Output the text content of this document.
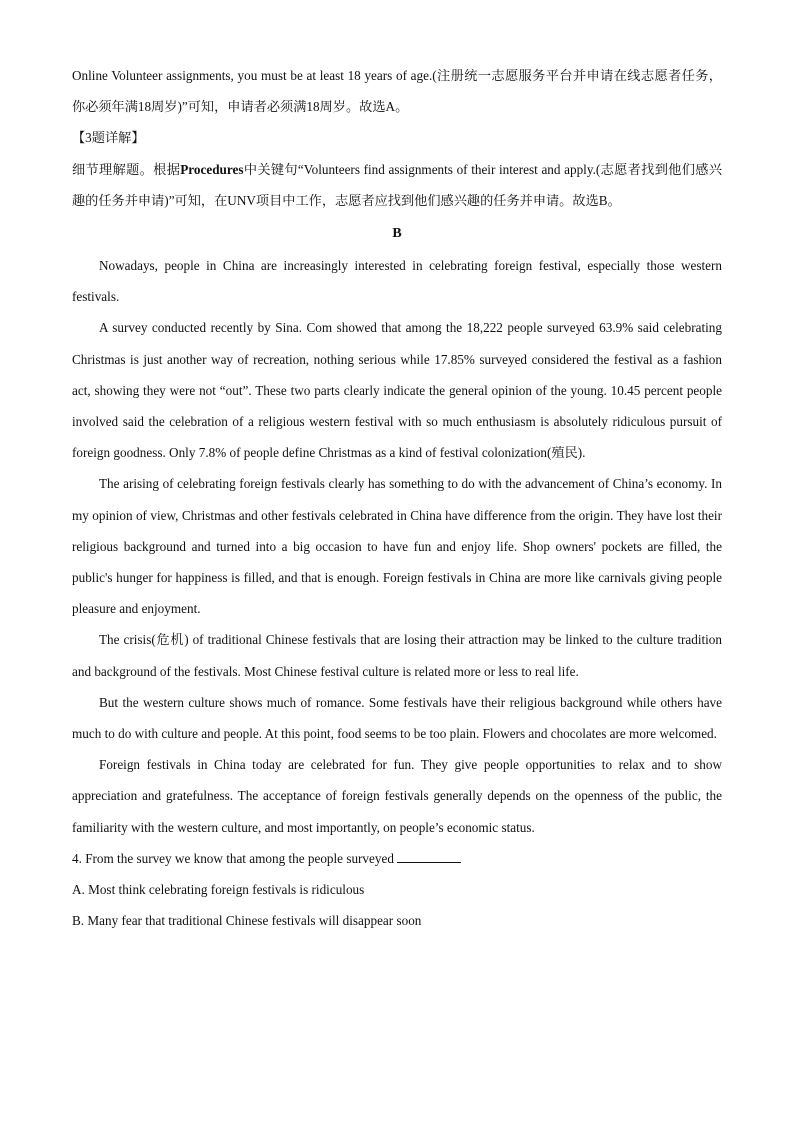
Online Volunteer assignments, you must be at least 18 years of age.(注册统一志愿服务平台并申请在线志愿者任务，你必须年满18周岁)”可知，申请者必须满18周岁。故选A。

【3题详解】

细节理解题。根据Procedures中关键句“Volunteers find assignments of their interest and apply.(志愿者找到他们感兴趣的任务并申请)”可知，在UNV项目中工作，志愿者应找到他们感兴趣的任务并申请。故选B。

B

Nowadays, people in China are increasingly interested in celebrating foreign festival, especially those western festivals.

A survey conducted recently by Sina. Com showed that among the 18,222 people surveyed 63.9% said celebrating Christmas is just another way of recreation, nothing serious while 17.85% surveyed considered the festival as a fashion act, showing they were not “out”. These two parts clearly indicate the general opinion of the young. 10.45 percent people involved said the celebration of a religious western festival with so much enthusiasm is absolutely ridiculous pursuit of foreign goodness. Only 7.8% of people define Christmas as a kind of festival colonization(殖民).

The arising of celebrating foreign festivals clearly has something to do with the advancement of China’s economy. In my opinion of view, Christmas and other festivals celebrated in China have difference from the origin. They have lost their religious background and turned into a big occasion to have fun and enjoy life. Shop owners' pockets are filled, the public's hunger for happiness is filled, and that is enough. Foreign festivals in China are more like carnivals giving people pleasure and enjoyment.

The crisis(危机) of traditional Chinese festivals that are losing their attraction may be linked to the culture tradition and background of the festivals. Most Chinese festival culture is related more or less to real life.

But the western culture shows much of romance. Some festivals have their religious background while others have much to do with culture and people. At this point, food seems to be too plain. Flowers and chocolates are more welcomed.

Foreign festivals in China today are celebrated for fun. They give people opportunities to relax and to show appreciation and gratefulness. The acceptance of foreign festivals generally depends on the openness of the public, the familiarity with the western culture, and most importantly, on people’s economic status.

4. From the survey we know that among the people surveyed

A. Most think celebrating foreign festivals is ridiculous

B. Many fear that traditional Chinese festivals will disappear soon
